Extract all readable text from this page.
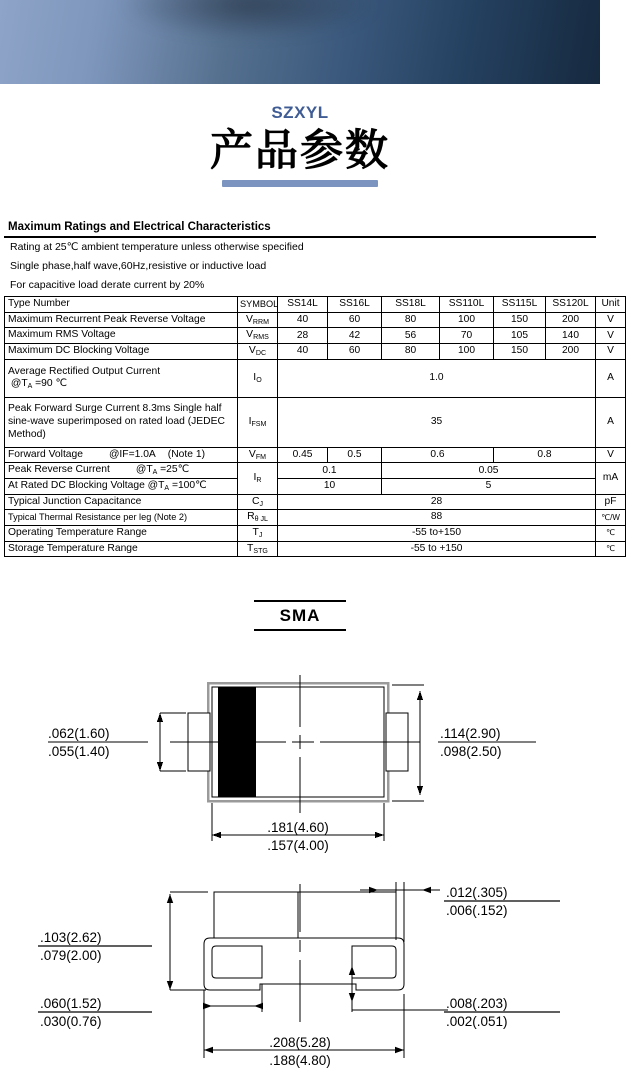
SZXYL
产品参数
Maximum Ratings and Electrical Characteristics
Rating at 25℃ ambient temperature unless otherwise specified
Single phase,half wave,60Hz,resistive or inductive load
For capacitive load derate current by 20%
Type Number	SYMBOL	SS14L	SS16L	SS18L	SS110L	SS115L	SS120L	Unit
Maximum Recurrent Peak Reverse Voltage	$V_{RRM}$	40	60	80	100	150	200	V
Maximum RMS Voltage	$V_{RMS}$	28	42	56	70	105	140	V
Maximum DC Blocking Voltage	$V_{DC}$	40	60	80	100	150	200	V

Average Rectified Output Current
$@T_A =90$ ℃	$I_O$	1.0						A

Peak Forward Surge Current 8.3ms Single half
sine-wave superimposed on rated load (JEDEC
Method)	$I_{FSM}$	35						A
Forward Voltage @IF=1.0A (Note 1)	$V_{FM}$	0.45	0.5	0.6		0.8		V
Peak Reverse Current $@T_A$ =25℃	$I_R$	0.1		0.05				mA
At Rated DC Blocking Voltage $@T_A$ =100℃		10		5				
Typical Junction Capacitance	$C_J$	28						pF
Typical Thermal Resistance per leg (Note 2)	$R_{\theta JL}$	88						℃/W
Operating Temperature Range	$T_J$	-55 to+150						℃
Storage Temperature Range	$T_{STG}$	-55 to +150						℃
SMA
.062(1.60)
.055(1.40)
.114(2.90)
.098(2.50)
.181(4.60)
.157(4.00)
.012(.305)
.006(.152)
.103(2.62)
.079(2.00)
.060(1.52)
.030(0.76)
.008(.203)
.002(.051)
.208(5.28)
.188(4.80)
